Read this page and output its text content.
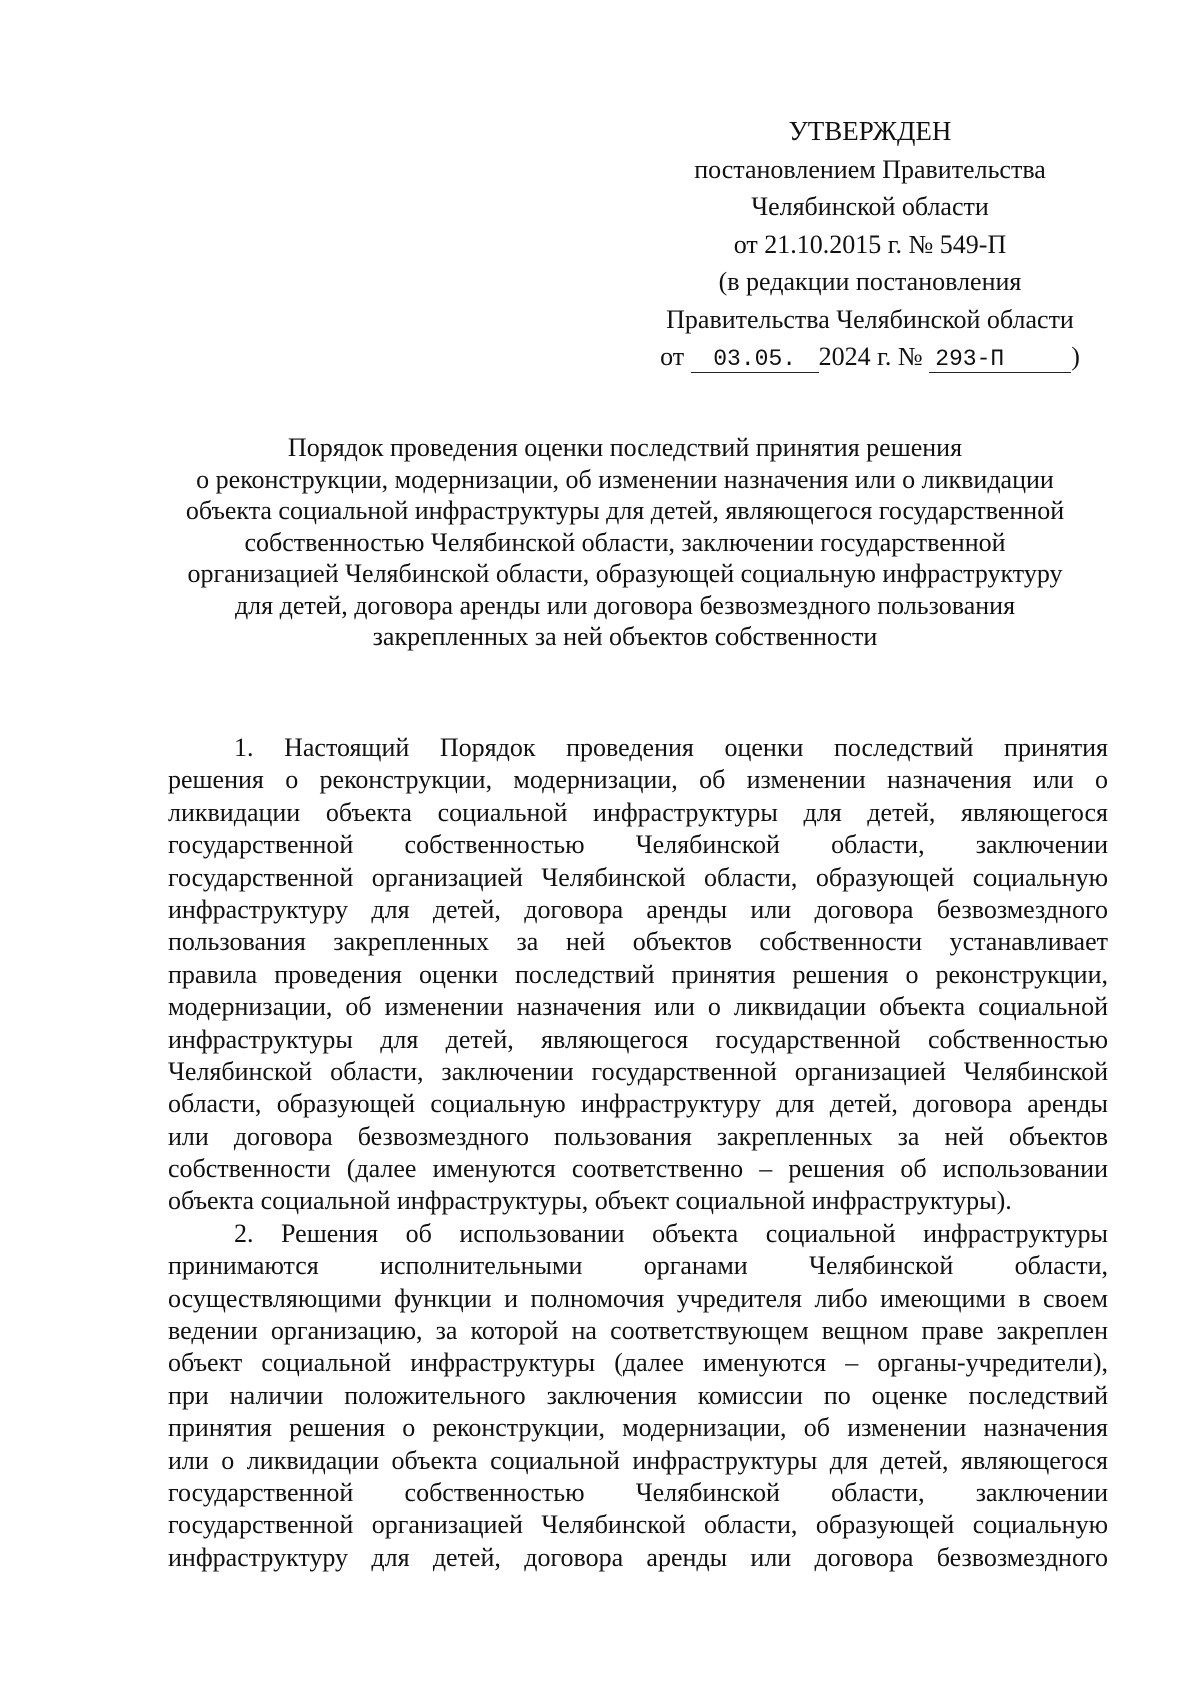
УТВЕРЖДЕН
постановлением Правительства
Челябинской области
от 21.10.2015 г. № 549-П
(в редакции постановления
Правительства Челябинской области
от 03.05. 2024 г. № 293-П	)
Порядок проведения оценки последствий принятия решения
о реконструкции, модернизации, об изменении назначения или о ликвидации
объекта социальной инфраструктуры для детей, являющегося государственной
собственностью Челябинской области, заключении государственной
организацией Челябинской области, образующей социальную инфраструктуру
для детей, договора аренды или договора безвозмездного пользования
закрепленных за ней объектов собственности
1. Настоящий Порядок проведения оценки последствий принятия
решения о реконструкции, модернизации, об изменении назначения или о
ликвидации объекта социальной инфраструктуры для детей, являющегося
государственной собственностью Челябинской области, заключении
государственной организацией Челябинской области, образующей социальную
инфраструктуру для детей, договора аренды или договора безвозмездного
пользования закрепленных за ней объектов собственности устанавливает
правила проведения оценки последствий принятия решения о реконструкции,
модернизации, об изменении назначения или о ликвидации объекта социальной
инфраструктуры для детей, являющегося государственной собственностью
Челябинской области, заключении государственной организацией Челябинской
области, образующей социальную инфраструктуру для детей, договора аренды
или договора безвозмездного пользования закрепленных за ней объектов
собственности (далее именуются соответственно – решения об использовании
объекта социальной инфраструктуры, объект социальной инфраструктуры).
2. Решения об использовании объекта социальной инфраструктуры
принимаются исполнительными органами Челябинской области,
осуществляющими функции и полномочия учредителя либо имеющими в своем
ведении организацию, за которой на соответствующем вещном праве закреплен
объект социальной инфраструктуры (далее именуются – органы-учредители),
при наличии положительного заключения комиссии по оценке последствий
принятия решения о реконструкции, модернизации, об изменении назначения
или о ликвидации объекта социальной инфраструктуры для детей, являющегося
государственной собственностью Челябинской области, заключении
государственной организацией Челябинской области, образующей социальную
инфраструктуру для детей, договора аренды или договора безвозмездного
